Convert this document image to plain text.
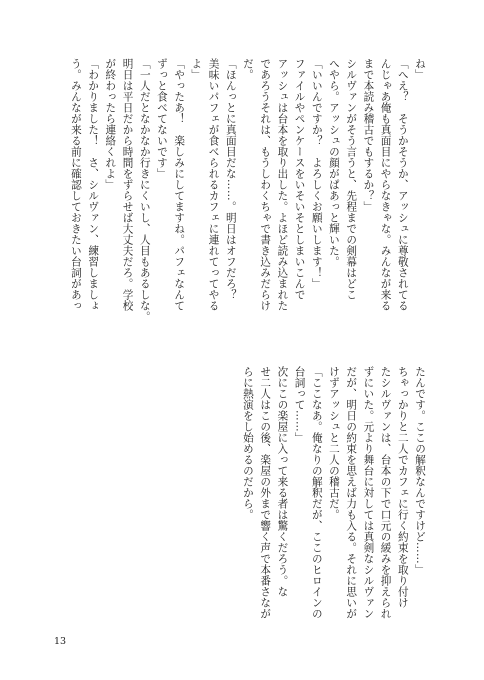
ね」

「へえ？　そうかそうか、アッシュに尊敬されてる

んじゃあ俺も真面目にやらなきゃな。みんなが来る

まで本読み稽古でもするか？」

シルヴァンがそう言うと、先程までの剣幕はどこ

へやら。アッシュの顔がぱあっと輝いた。

「いいんですか？　よろしくお願いします！」

ファイルやペンケースをいそいそとしまいこんで

アッシュは台本を取り出した。よほど読み込まれた

であろうそれは、もうしわくちゃで書き込みだらけ

だ。

「ほんっとに真面目だな……。明日はオフだろ？

美味いパフェが食べられるカフェに連れてってやる

よ」

「やったあ！　楽しみにしてますね。パフェなんて

ずっと食べてないです」

「一人だとなかなか行きにくいし、人目もあるしな。

明日は平日だから時間をずらせば大丈夫だろ。学校

が終わったら連絡くれよ」

「わかりました！　さ、シルヴァン、練習しましょ

う。みんなが来る前に確認しておきたい台詞があっ

たんです。ここの解釈なんですけど……」

ちゃっかりと二人でカフェに行く約束を取り付け

たシルヴァンは、台本の下で口元の緩みを抑えられ

ずにいた。元より舞台に対しては真剣なシルヴァン

だが、明日の約束を思えば力も入る。それに思いが

けずアッシュと二人の稽古だ。

「ここなあ。俺なりの解釈だが、ここのヒロインの

台詞って……」

次にこの楽屋に入って来る者は驚くだろう。な

せ二人はこの後、楽屋の外まで響く声で本番さなが

らに熱演をし始めるのだから。

13
